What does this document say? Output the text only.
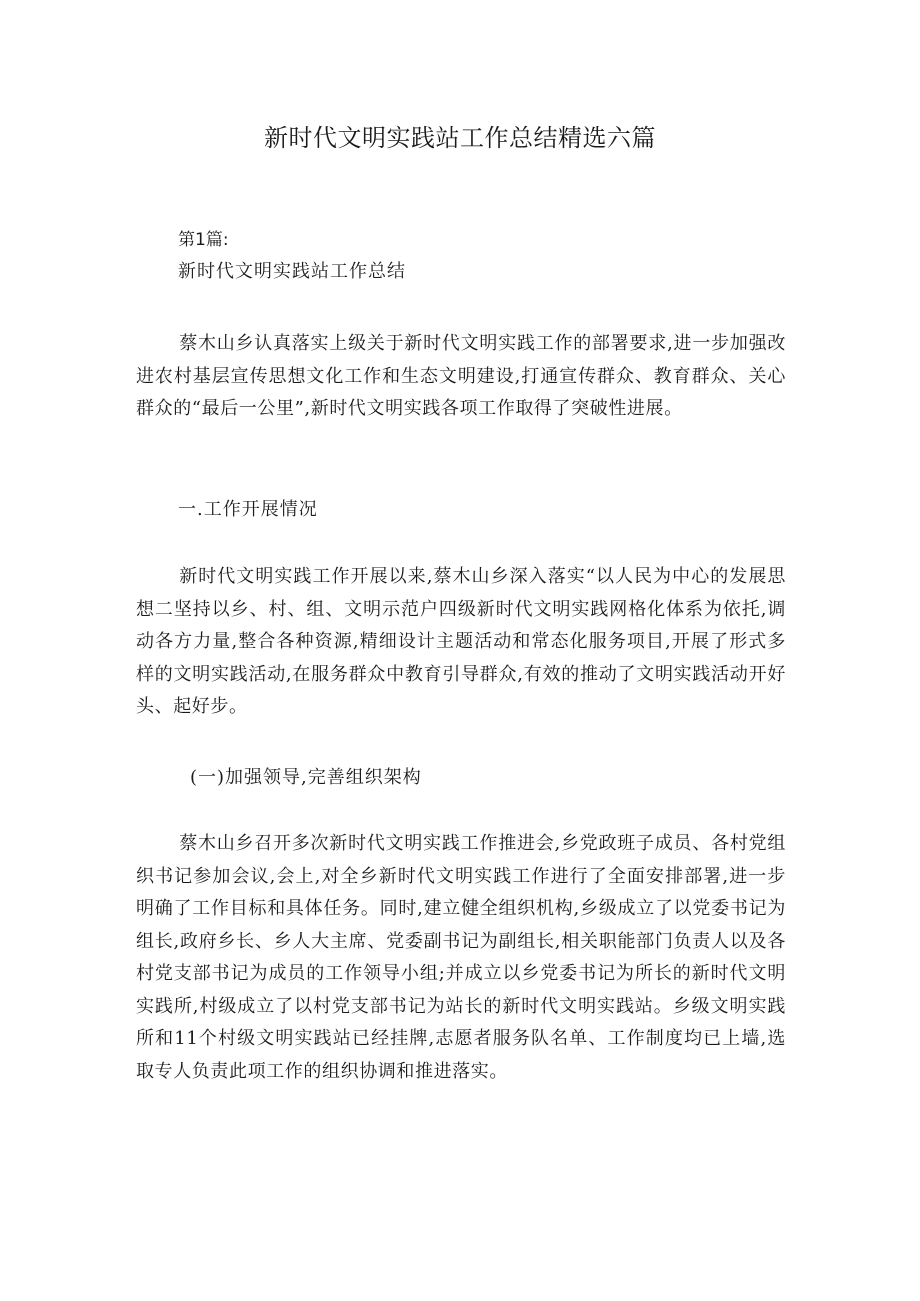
新时代文明实践站工作总结精选六篇

第1篇:

新时代文明实践站工作总结

蔡木山乡认真落实上级关于新时代文明实践工作的部署要求,进一步加强改进农村基层宣传思想文化工作和生态文明建设,打通宣传群众、教育群众、关心群众的“最后一公里”,新时代文明实践各项工作取得了突破性进展。

一.工作开展情况

新时代文明实践工作开展以来,蔡木山乡深入落实“以人民为中心的发展思想二坚持以乡、村、组、文明示范户四级新时代文明实践网格化体系为依托,调动各方力量,整合各种资源,精细设计主题活动和常态化服务项目,开展了形式多样的文明实践活动,在服务群众中教育引导群众,有效的推动了文明实践活动开好头、起好步。

(一)加强领导,完善组织架构

蔡木山乡召开多次新时代文明实践工作推进会,乡党政班子成员、各村党组织书记参加会议,会上,对全乡新时代文明实践工作进行了全面安排部署,进一步明确了工作目标和具体任务。同时,建立健全组织机构,乡级成立了以党委书记为组长,政府乡长、乡人大主席、党委副书记为副组长,相关职能部门负责人以及各村党支部书记为成员的工作领导小组;并成立以乡党委书记为所长的新时代文明实践所,村级成立了以村党支部书记为站长的新时代文明实践站。乡级文明实践所和11个村级文明实践站已经挂牌,志愿者服务队名单、工作制度均已上墙,选取专人负责此项工作的组织协调和推进落实。
